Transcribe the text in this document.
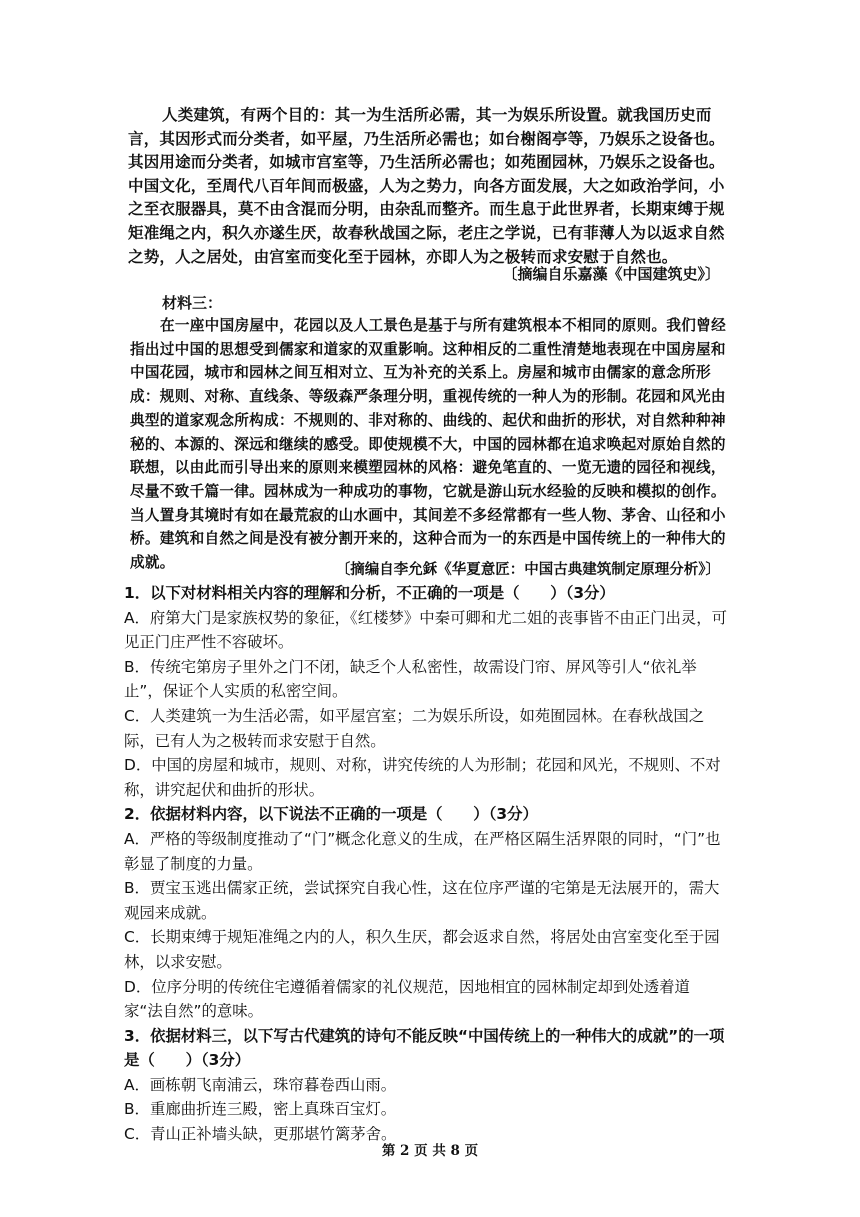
人类建筑，有两个目的：其一为生活所必需，其一为娱乐所设置。就我国历史而言，其因形式而分类者，如平屋，乃生活所必需也；如台榭阁亭等，乃娱乐之设备也。其因用途而分类者，如城市宫室等，乃生活所必需也；如苑囿园林，乃娱乐之设备也。中国文化，至周代八百年间而极盛，人为之势力，向各方面发展，大之如政治学问，小之至衣服器具，莫不由含混而分明，由杂乱而整齐。而生息于此世界者，长期束缚于规矩准绳之内，积久亦遂生厌，故春秋战国之际，老庄之学说，已有菲薄人为以返求自然之势，人之居处，由宫室而变化至于园林，亦即人为之极转而求安慰于自然也。

〔摘编自乐嘉藻《中国建筑史》〕
材料三：

在一座中国房屋中，花园以及人工景色是基于与所有建筑根本不相同的原则。我们曾经指出过中国的思想受到儒家和道家的双重影响。这种相反的二重性清楚地表现在中国房屋和中国花园，城市和园林之间互相对立、互为补充的关系上。房屋和城市由儒家的意念所形成：规则、对称、直线条、等级森严条理分明，重视传统的一种人为的形制。花园和风光由典型的道家观念所构成：不规则的、非对称的、曲线的、起伏和曲折的形状，对自然种种神秘的、本源的、深远和继续的感受。即使规模不大，中国的园林都在追求唤起对原始自然的联想，以由此而引导出来的原则来模塑园林的风格：避免笔直的、一览无遗的园径和视线，尽量不致千篇一律。园林成为一种成功的事物，它就是游山玩水经验的反映和模拟的创作。当人置身其境时有如在最荒寂的山水画中，其间差不多经常都有一些人物、茅舍、山径和小桥。建筑和自然之间是没有被分割开来的，这种合而为一的东西是中国传统上的一种伟大的成就。	〔摘编自李允鉌《华夏意匠：中国古典建筑制定原理分析》〕

1．以下对材料相关内容的理解和分析，不正确的一项是（　　）（3分）

A．府第大门是家族权势的象征，《红楼梦》中秦可卿和尤二姐的丧事皆不由正门出灵，可见正门庄严性不容破坏。

B．传统宅第房子里外之门不闭，缺乏个人私密性，故需设门帘、屏风等引人“依礼举止”，保证个人实质的私密空间。

C．人类建筑一为生活必需，如平屋宫室；二为娱乐所设，如苑囿园林。在春秋战国之际，已有人为之极转而求安慰于自然。

D．中国的房屋和城市，规则、对称，讲究传统的人为形制；花园和风光，不规则、不对称，讲究起伏和曲折的形状。

2．依据材料内容，以下说法不正确的一项是（　　）（3分）

A．严格的等级制度推动了“门”概念化意义的生成，在严格区隔生活界限的同时，“门”也彰显了制度的力量。

B．贾宝玉逃出儒家正统，尝试探究自我心性，这在位序严谨的宅第是无法展开的，需大观园来成就。

C．长期束缚于规矩准绳之内的人，积久生厌，都会返求自然，将居处由宫室变化至于园林，以求安慰。

D．位序分明的传统住宅遵循着儒家的礼仪规范，因地相宜的园林制定却到处透着道家“法自然”的意味。

3．依据材料三，以下写古代建筑的诗句不能反映“中国传统上的一种伟大的成就”的一项是（　　）（3分）

A．画栋朝飞南浦云，珠帘暮卷西山雨。

B．重廊曲折连三殿，密上真珠百宝灯。

C．青山正补墙头缺，更那堪竹篱茅舍。

第 2 页 共 8 页
